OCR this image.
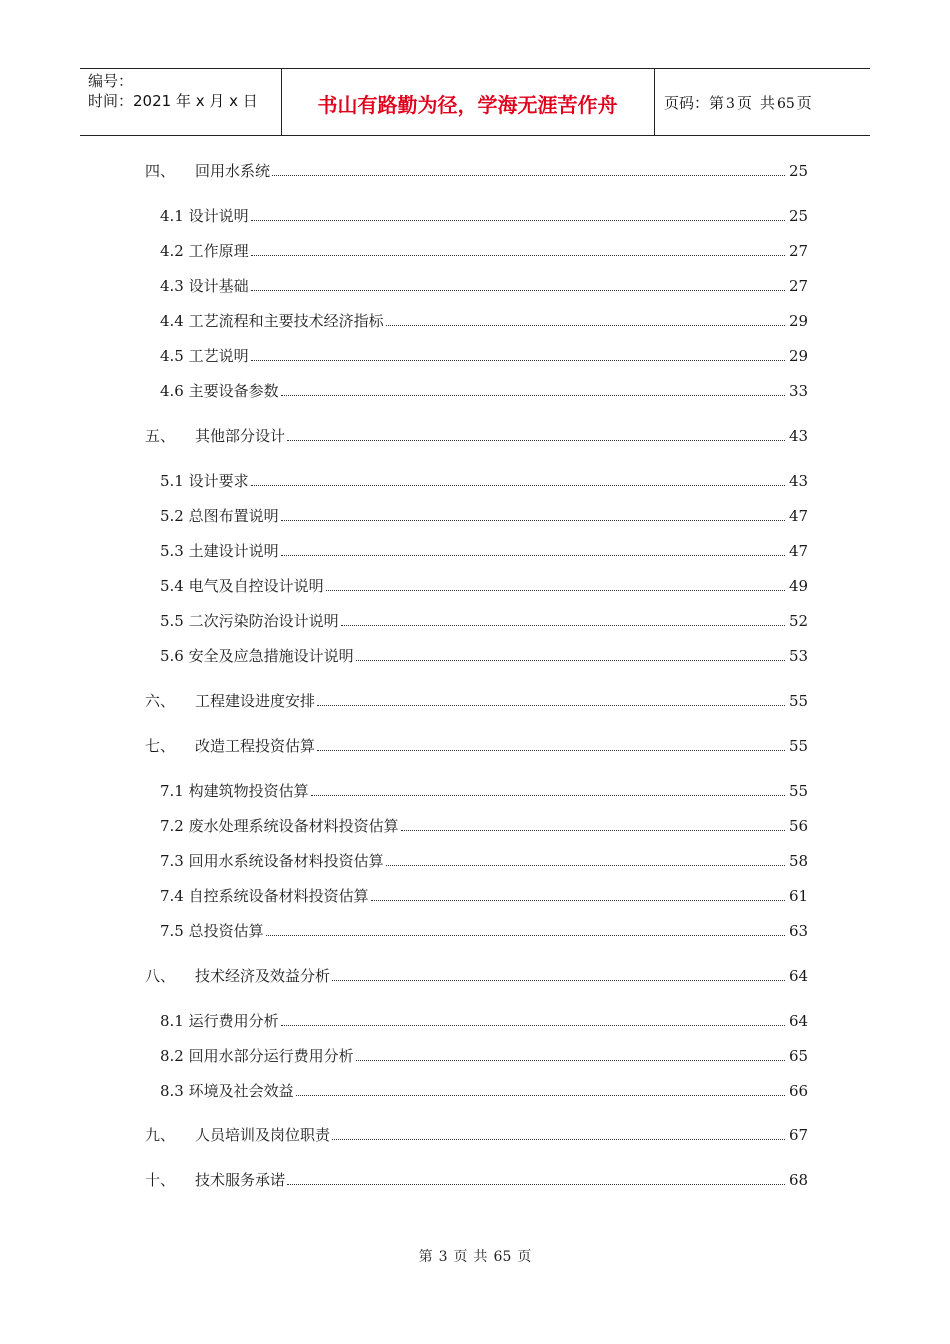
编号：
时间：2021 年 x 月 x 日	书山有路勤为径，学海无涯苦作舟	页码：第 3 页 共 65 页
四、 回用水系统	25
4.1 设计说明	25
4.2 工作原理	27
4.3 设计基础	27
4.4 工艺流程和主要技术经济指标	29
4.5 工艺说明	29
4.6 主要设备参数	33
五、 其他部分设计	43
5.1 设计要求	43
5.2 总图布置说明	47
5.3 土建设计说明	47
5.4 电气及自控设计说明	49
5.5 二次污染防治设计说明	52
5.6 安全及应急措施设计说明	53
六、 工程建设进度安排	55
七、 改造工程投资估算	55
7.1 构建筑物投资估算	55
7.2 废水处理系统设备材料投资估算	56
7.3 回用水系统设备材料投资估算	58
7.4 自控系统设备材料投资估算	61
7.5 总投资估算	63
八、 技术经济及效益分析	64
8.1 运行费用分析	64
8.2 回用水部分运行费用分析	65
8.3 环境及社会效益	66
九、 人员培训及岗位职责	67
十、 技术服务承诺	68
第 3 页 共 65 页
